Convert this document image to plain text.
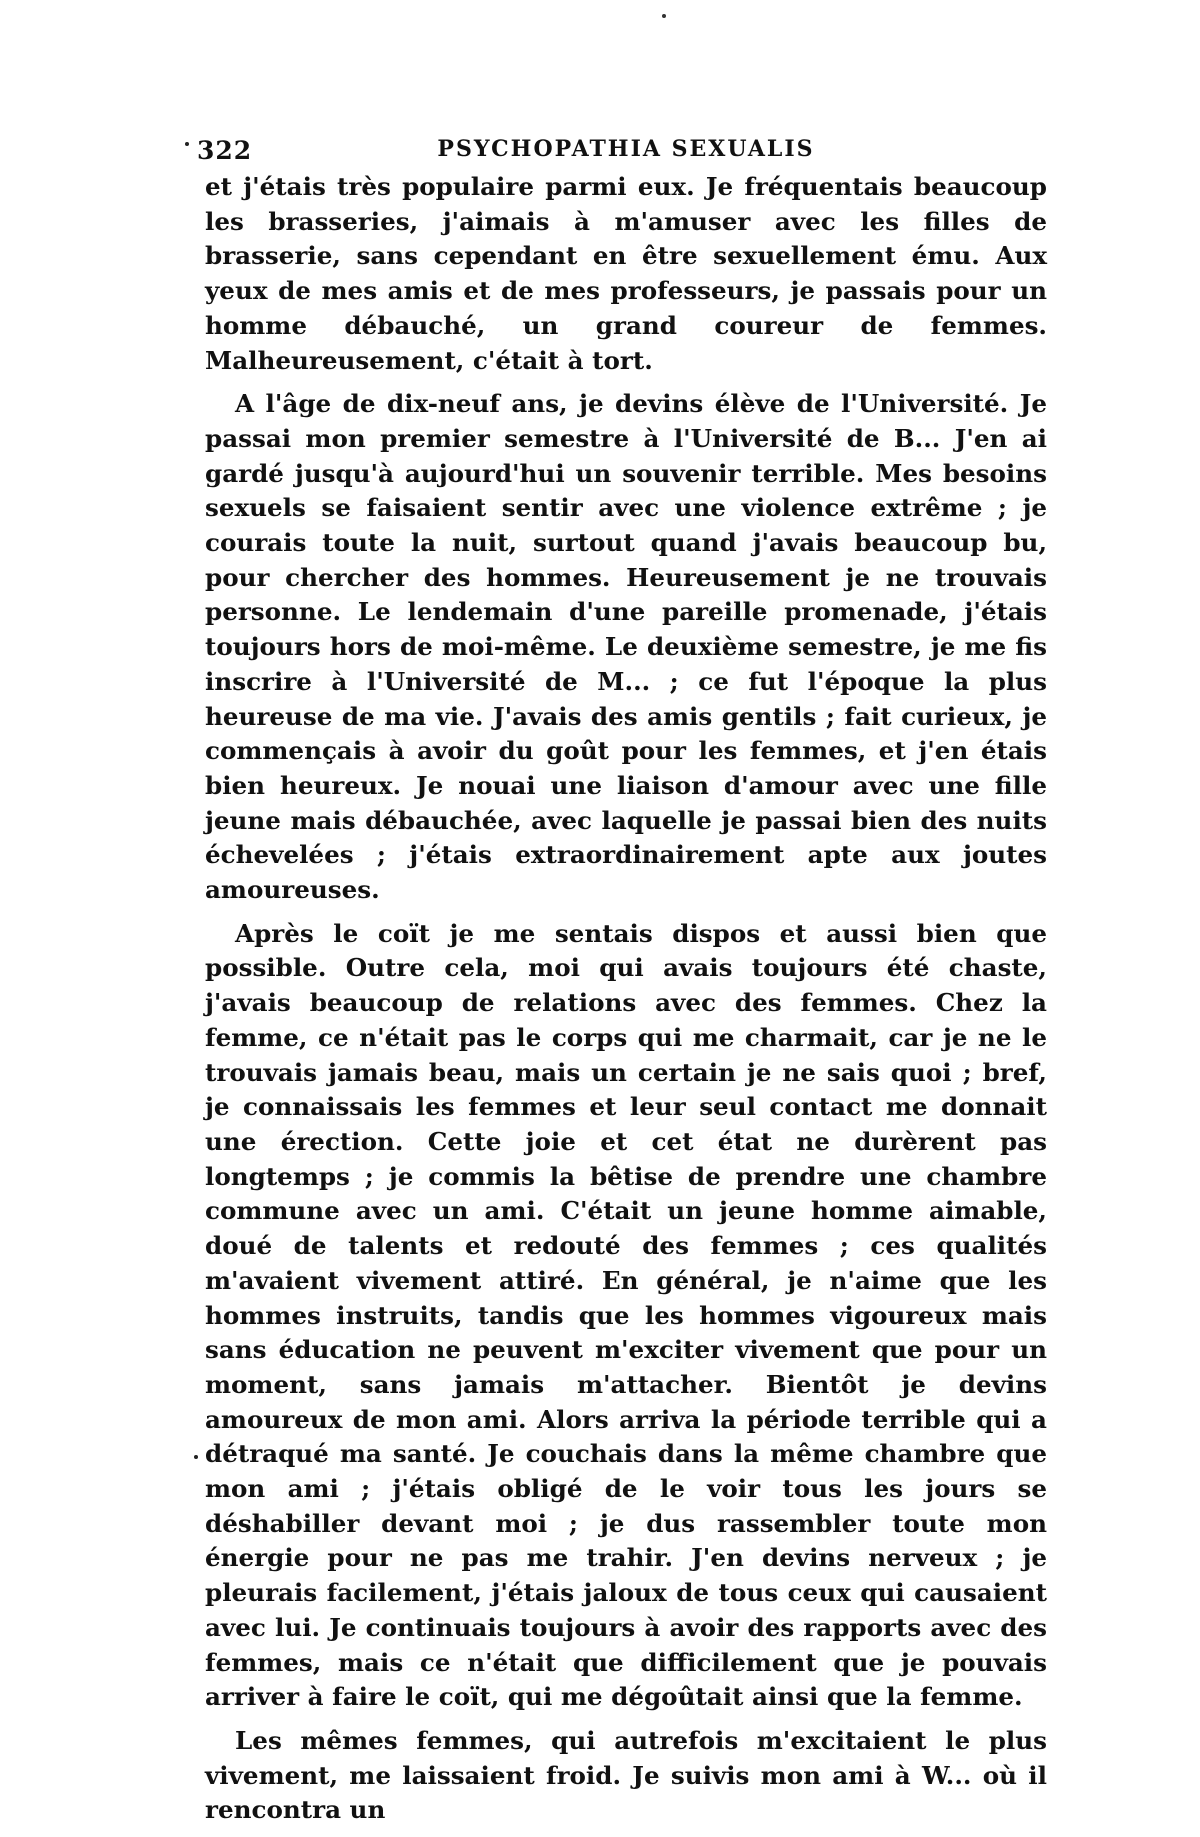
322	PSYCHOPATHIA SEXUALIS

et j'étais très populaire parmi eux. Je fréquentais beaucoup les brasseries, j'aimais à m'amuser avec les filles de brasserie, sans cependant en être sexuellement ému. Aux yeux de mes amis et de mes professeurs, je passais pour un homme débauché, un grand coureur de femmes. Malheureusement, c'était à tort.

A l'âge de dix-neuf ans, je devins élève de l'Université. Je passai mon premier semestre à l'Université de B... J'en ai gardé jusqu'à aujourd'hui un souvenir terrible. Mes besoins sexuels se faisaient sentir avec une violence extrême ; je courais toute la nuit, surtout quand j'avais beaucoup bu, pour chercher des hommes. Heureusement je ne trouvais personne. Le lendemain d'une pareille promenade, j'étais toujours hors de moi-même. Le deuxième semestre, je me fis inscrire à l'Université de M... ; ce fut l'époque la plus heureuse de ma vie. J'avais des amis gentils ; fait curieux, je commençais à avoir du goût pour les femmes, et j'en étais bien heureux. Je nouai une liaison d'amour avec une fille jeune mais débauchée, avec laquelle je passai bien des nuits échevelées ; j'étais extraordinairement apte aux joutes amoureuses.

Après le coït je me sentais dispos et aussi bien que possible. Outre cela, moi qui avais toujours été chaste, j'avais beaucoup de relations avec des femmes. Chez la femme, ce n'était pas le corps qui me charmait, car je ne le trouvais jamais beau, mais un certain je ne sais quoi ; bref, je connaissais les femmes et leur seul contact me donnait une érection. Cette joie et cet état ne durèrent pas longtemps ; je commis la bêtise de prendre une chambre commune avec un ami. C'était un jeune homme aimable, doué de talents et redouté des femmes ; ces qualités m'avaient vivement attiré. En général, je n'aime que les hommes instruits, tandis que les hommes vigoureux mais sans éducation ne peuvent m'exciter vivement que pour un moment, sans jamais m'attacher. Bientôt je devins amoureux de mon ami. Alors arriva la période terrible qui a détraqué ma santé. Je couchais dans la même chambre que mon ami ; j'étais obligé de le voir tous les jours se déshabiller devant moi ; je dus rassembler toute mon énergie pour ne pas me trahir. J'en devins nerveux ; je pleurais facilement, j'étais jaloux de tous ceux qui causaient avec lui. Je continuais toujours à avoir des rapports avec des femmes, mais ce n'était que difficilement que je pouvais arriver à faire le coït, qui me dégoûtait ainsi que la femme.

Les mêmes femmes, qui autrefois m'excitaient le plus vivement, me laissaient froid. Je suivis mon ami à W... où il rencontra un
